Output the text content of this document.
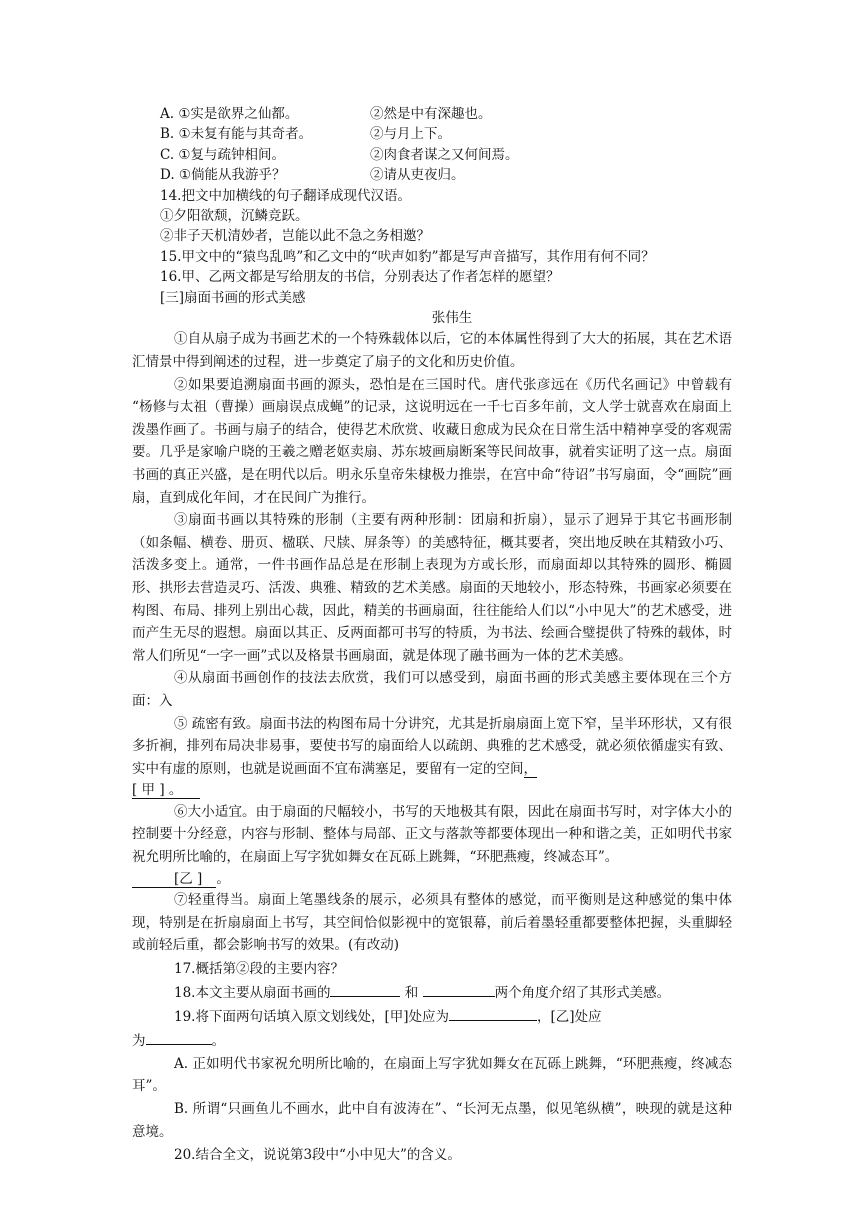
A. ①实是欲界之仙都。	②然是中有深趣也。
B. ①未复有能与其奇者。	②与月上下。
C. ①复与疏钟相间。	②肉食者谋之又何间焉。
D. ①倘能从我游乎？	②请从吏夜归。
14.把文中加横线的句子翻译成现代汉语。
①夕阳欲颓，沉鳞竞跃。
②非子天机清妙者，岂能以此不急之务相邀？
15.甲文中的“猿鸟乱鸣”和乙文中的“吠声如豹”都是写声音描写，其作用有何不同？
16.甲、乙两文都是写给朋友的书信，分别表达了作者怎样的愿望？
[三]扇面书画的形式美感
张伟生
①自从扇子成为书画艺术的一个特殊载体以后，它的本体属性得到了大大的拓展，其在艺术语汇情景中得到阐述的过程，进一步奠定了扇子的文化和历史价值。
②如果要追溯扇面书画的源头，恐怕是在三国时代。唐代张彦远在《历代名画记》中曾载有 “杨修与太祖（曹操）画扇误点成蝇”的记录，这说明远在一千七百多年前，文人学士就喜欢在扇面上泼墨作画了。书画与扇子的结合，使得艺术欣赏、收藏日愈成为民众在日常生活中精神享受的客观需要。几乎是家喻户晓的王羲之赠老妪卖扇、苏东坡画扇断案等民间故事，就着实证明了这一点。扇面书画的真正兴盛，是在明代以后。明永乐皇帝朱棣极力推崇，在宫中命“待诏”书写扇面，令“画院”画扇，直到成化年间，才在民间广为推行。
③扇面书画以其特殊的形制（主要有两种形制：团扇和折扇），显示了迥异于其它书画形制（如条幅、横卷、册页、楹联、尺牍、屏条等）的美感特征，概其要者，突出地反映在其精致小巧、活泼多变上。通常，一件书画作品总是在形制上表现为方或长形，而扇面却以其特殊的圆形、椭圆形、拱形去营造灵巧、活泼、典雅、精致的艺术美感。扇面的天地较小，形态特殊，书画家必须要在构图、布局、排列上别出心裁，因此，精美的书画扇面，往往能给人们以“小中见大”的艺术感受，进而产生无尽的遐想。扇面以其正、反两面都可书写的特质，为书法、绘画合璧提供了特殊的载体，时常人们所见“一字一画”式以及格景书画扇面，就是体现了融书画为一体的艺术美感。
④从扇面书画创作的技法去欣赏，我们可以感受到，扇面书画的形式美感主要体现在三个方面：入
⑤ 疏密有致。扇面书法的构图布局十分讲究，尤其是折扇扇面上宽下窄，呈半环形状，又有很多折裥，排列布局决非易事，要使书写的扇面给人以疏朗、典雅的艺术感受，就必须依循虚实有致、实中有虚的原则，也就是说画面不宜布满塞足，要留有一定的空间，
[ 甲 ] 。
⑥大小适宜。由于扇面的尺幅较小，书写的天地极其有限，因此在扇面书写时，对字体大小的控制要十分经意，内容与形制、整体与局部、正文与落款等都要体现出一种和谐之美，正如明代书家祝允明所比喻的，在扇面上写字犹如舞女在瓦砾上跳舞，“环肥燕瘦，终减态耳”。
[乙 ] 。
⑦轻重得当。扇面上笔墨线条的展示，必须具有整体的感觉，而平衡则是这种感觉的集中体现，特别是在折扇扇面上书写，其空间恰似影视中的宽银幕，前后着墨轻重都要整体把握，头重脚轻或前轻后重，都会影响书写的效果。(有改动)
17.概括第②段的主要内容？
18.本文主要从扇面书画的	和	两个角度介绍了其形式美感。
19.将下面两句话填入原文划线处，[甲]处应为	，[乙]处应
为	。
A. 正如明代书家祝允明所比喻的，在扇面上写字犹如舞女在瓦砾上跳舞，“环肥燕瘦，终减态耳”。
B. 所谓“只画鱼儿不画水，此中自有波涛在”、“长河无点墨，似见笔纵横”，映现的就是这种意境。
20.结合全文，说说第3段中“小中见大”的含义。
